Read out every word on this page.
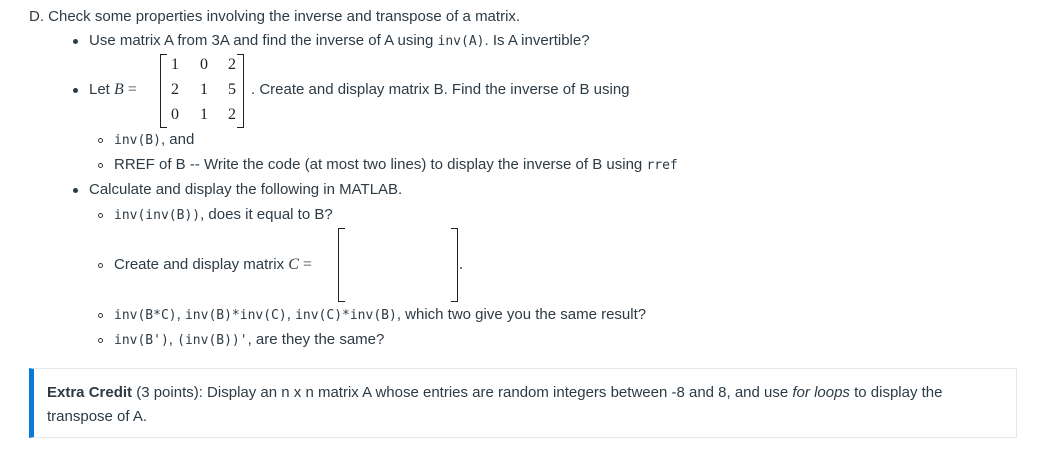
D. Check some properties involving the inverse and transpose of a matrix.
Use matrix A from 3A and find the inverse of A using inv(A). Is A invertible?
Let B =
1 0 2
2 1 5
0 1 2
. Create and display matrix B. Find the inverse of B using
inv(B), and
RREF of B -- Write the code (at most two lines) to display the inverse of B using rref
Calculate and display the following in MATLAB.
inv(inv(B)), does it equal to B?
Create and display matrix C =	.
inv(B*C), inv(B)*inv(C), inv(C)*inv(B), which two give you the same result?
inv(B'), (inv(B))', are they the same?
Extra Credit (3 points): Display an n x n matrix A whose entries are random integers between -8 and 8, and use for loops to display the transpose of A.
